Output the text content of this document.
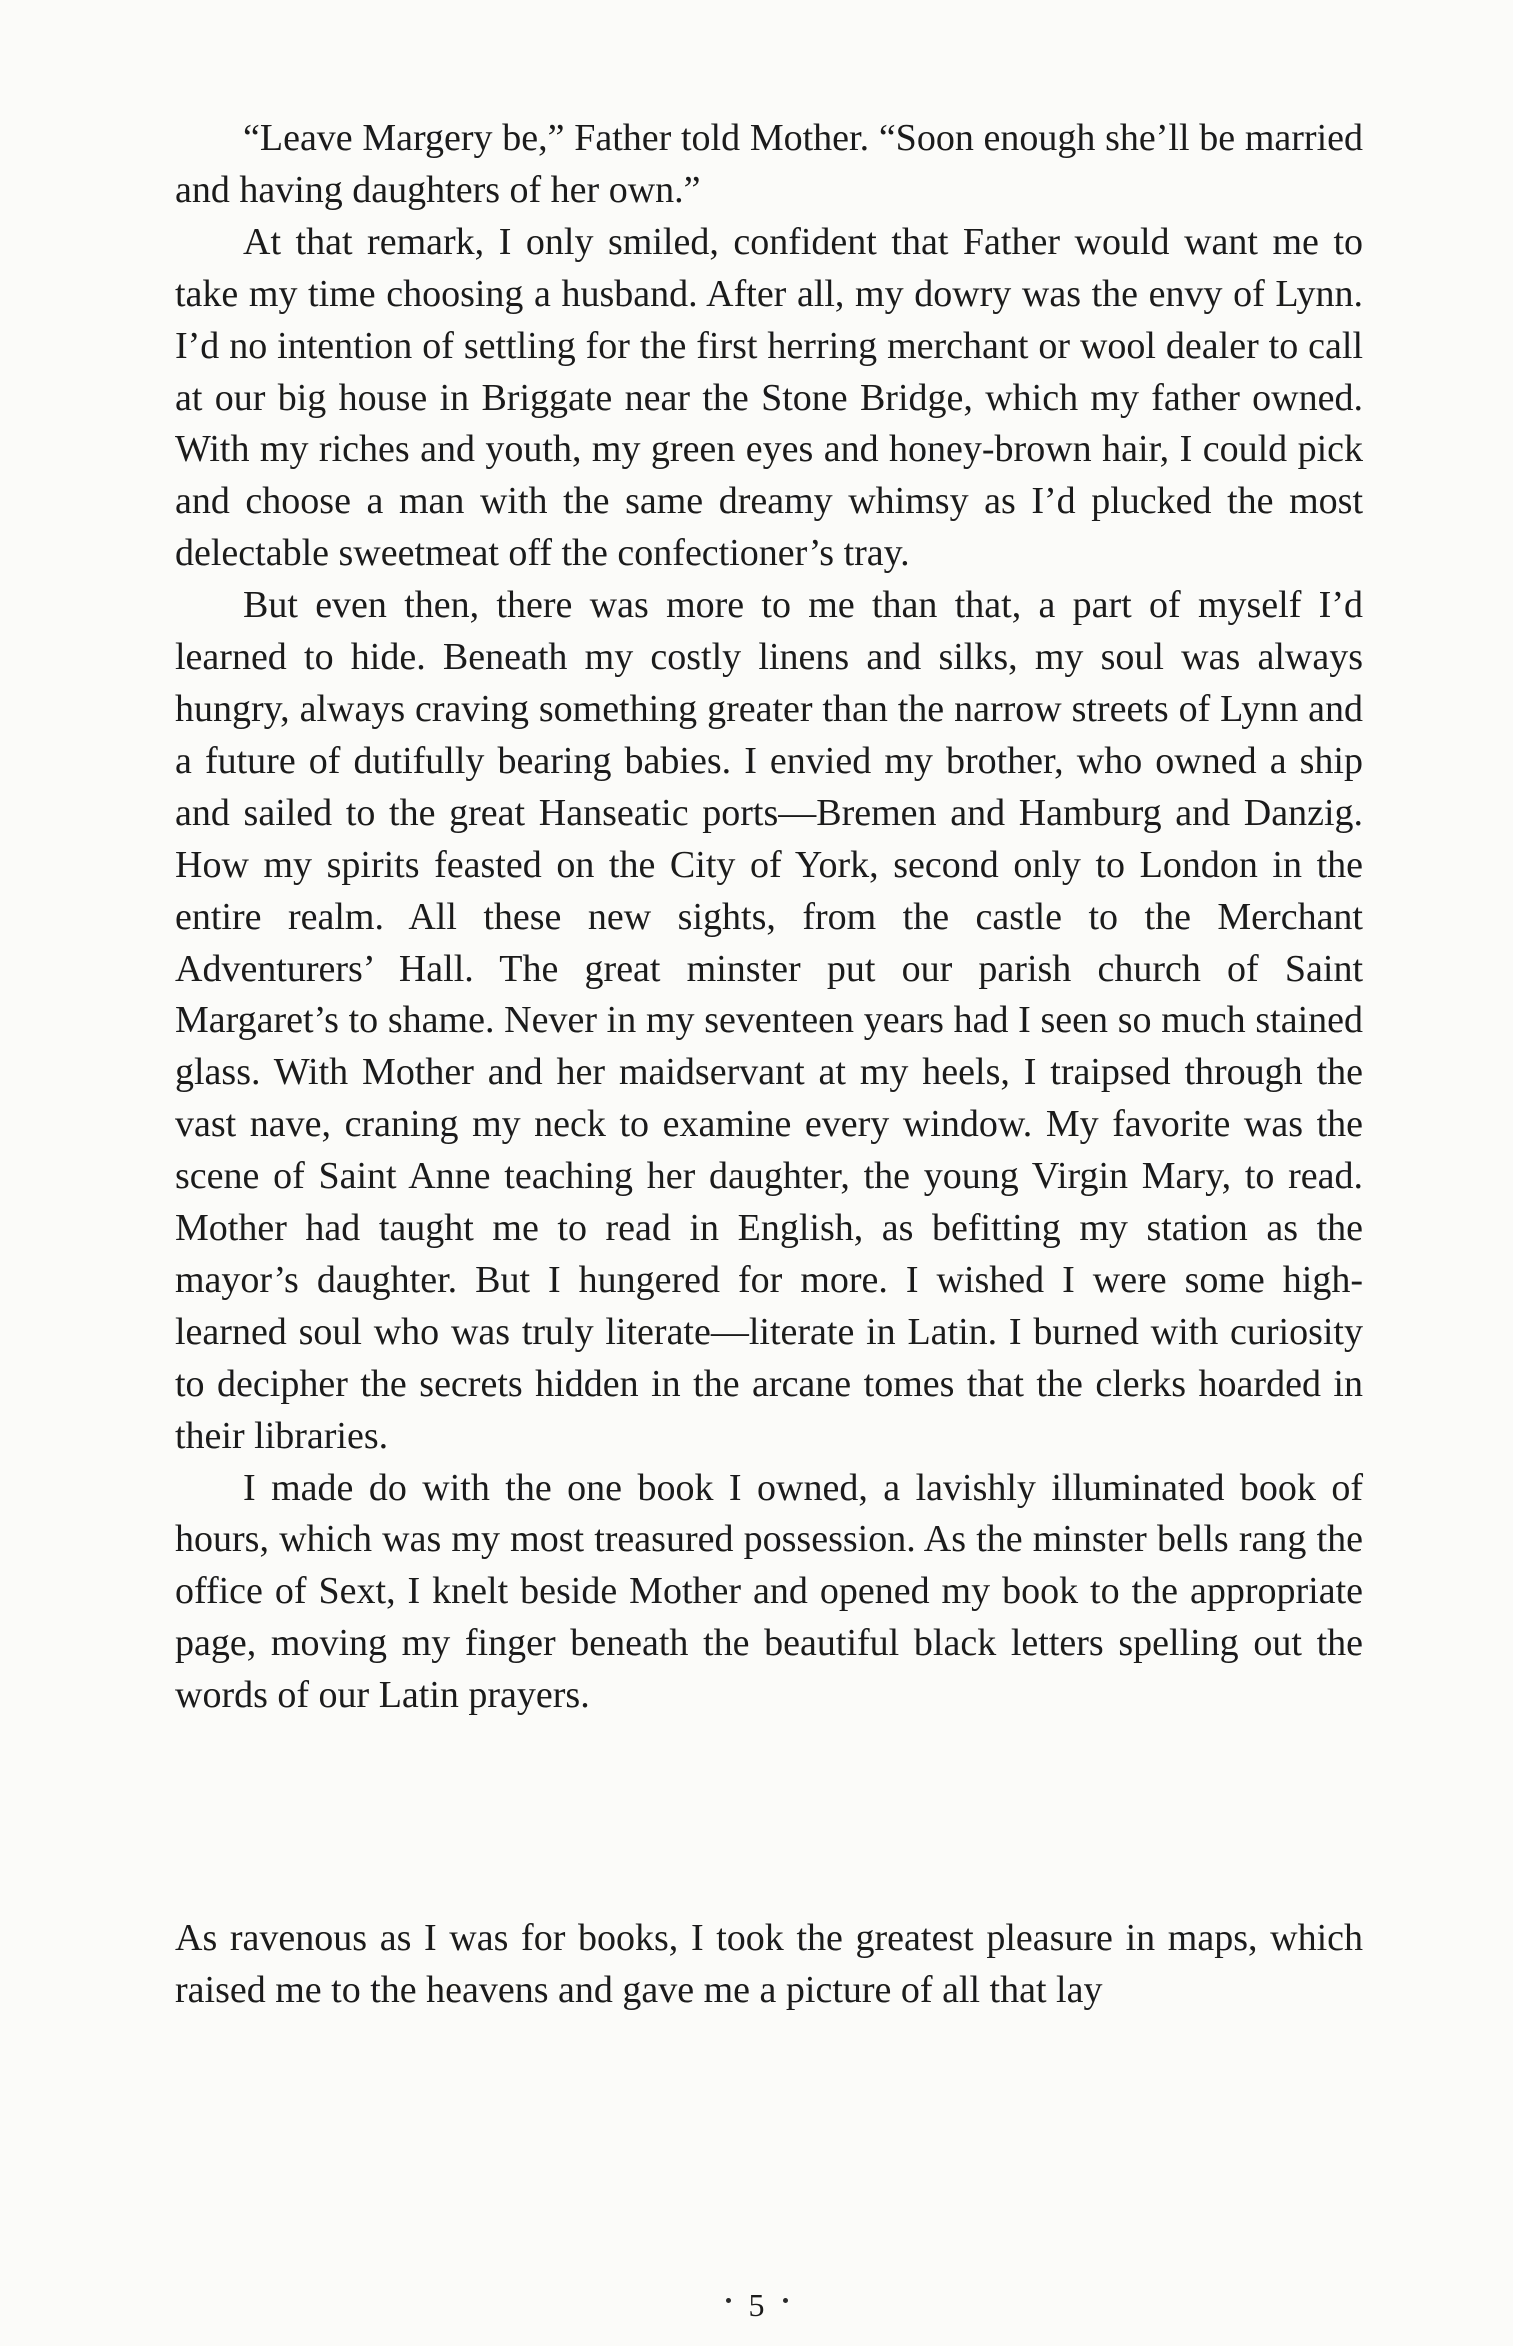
“Leave Margery be,” Father told Mother. “Soon enough she’ll be married and having daughters of her own.”

At that remark, I only smiled, confident that Father would want me to take my time choosing a husband. After all, my dowry was the envy of Lynn. I’d no intention of settling for the first herring merchant or wool dealer to call at our big house in Briggate near the Stone Bridge, which my father owned. With my riches and youth, my green eyes and honey-brown hair, I could pick and choose a man with the same dreamy whimsy as I’d plucked the most delectable sweetmeat off the confectioner’s tray.

But even then, there was more to me than that, a part of myself I’d learned to hide. Beneath my costly linens and silks, my soul was always hungry, always craving something greater than the narrow streets of Lynn and a future of dutifully bearing babies. I envied my brother, who owned a ship and sailed to the great Hanseatic ports—Bremen and Hamburg and Danzig. How my spirits feasted on the City of York, second only to London in the entire realm. All these new sights, from the castle to the Merchant Adventurers’ Hall. The great minster put our parish church of Saint Margaret’s to shame. Never in my seventeen years had I seen so much stained glass. With Mother and her maidservant at my heels, I traipsed through the vast nave, craning my neck to examine every window. My favorite was the scene of Saint Anne teaching her daughter, the young Virgin Mary, to read. Mother had taught me to read in English, as befitting my station as the mayor’s daughter. But I hungered for more. I wished I were some high-learned soul who was truly literate—literate in Latin. I burned with curiosity to decipher the secrets hidden in the arcane tomes that the clerks hoarded in their libraries.

I made do with the one book I owned, a lavishly illuminated book of hours, which was my most treasured possession. As the minster bells rang the office of Sext, I knelt beside Mother and opened my book to the appropriate page, moving my finger beneath the beautiful black letters spelling out the words of our Latin prayers.

As ravenous as I was for books, I took the greatest pleasure in maps, which raised me to the heavens and gave me a picture of all that lay

5
